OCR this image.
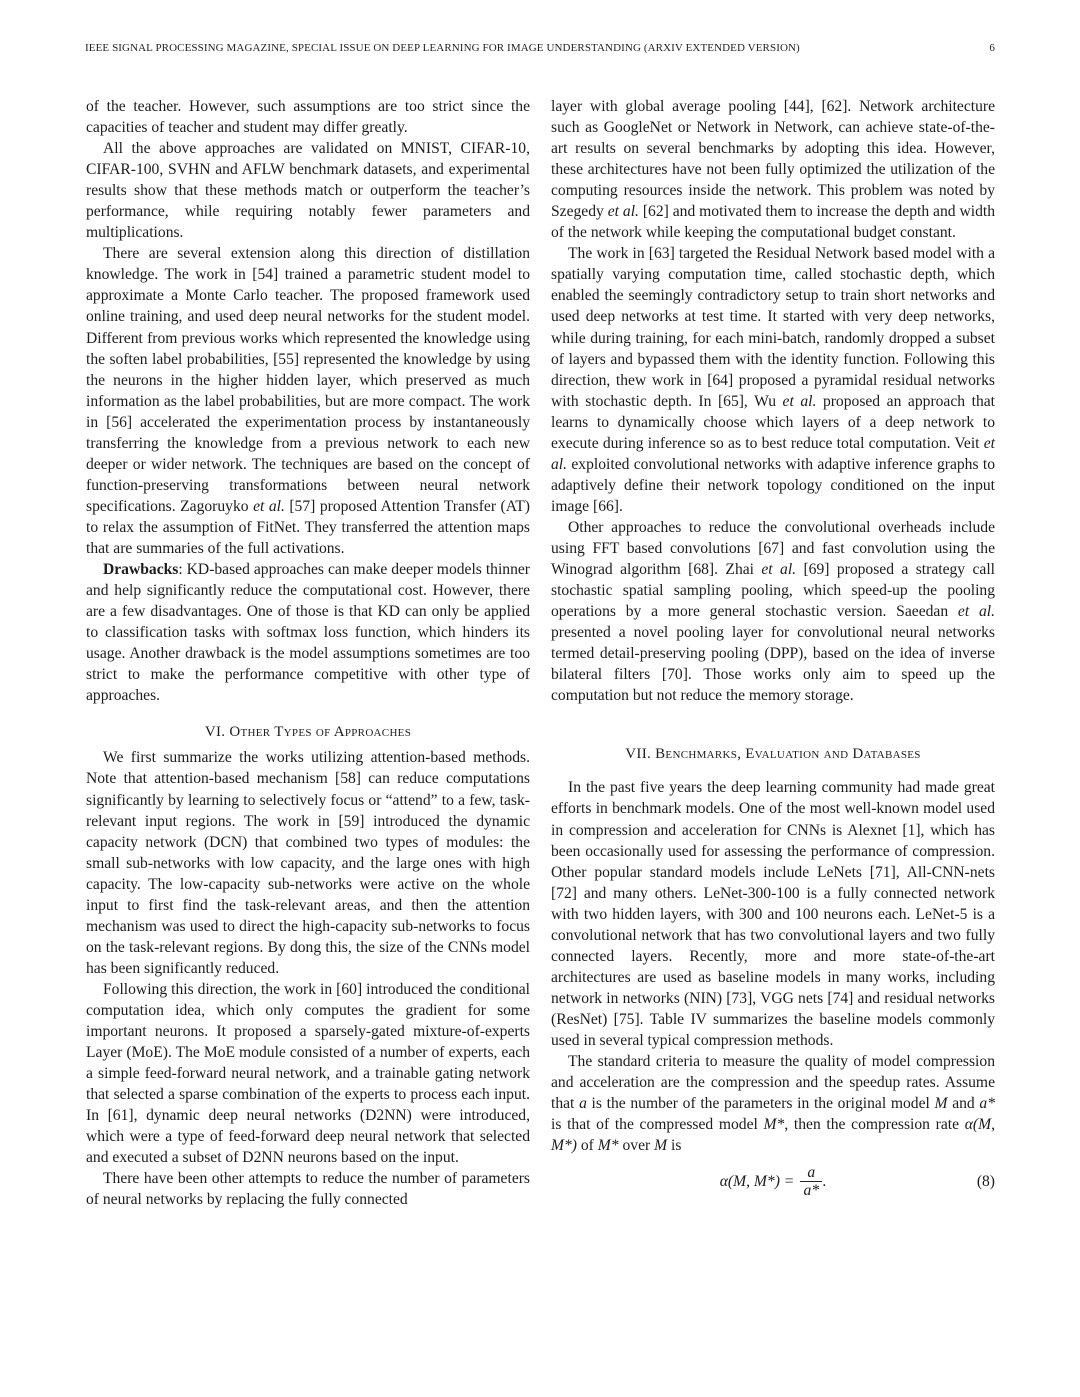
IEEE SIGNAL PROCESSING MAGAZINE, SPECIAL ISSUE ON DEEP LEARNING FOR IMAGE UNDERSTANDING (ARXIV EXTENDED VERSION)	6

of the teacher. However, such assumptions are too strict since the capacities of teacher and student may differ greatly.

All the above approaches are validated on MNIST, CIFAR-10, CIFAR-100, SVHN and AFLW benchmark datasets, and experimental results show that these methods match or outperform the teacher’s performance, while requiring notably fewer parameters and multiplications.

There are several extension along this direction of distillation knowledge. The work in [54] trained a parametric student model to approximate a Monte Carlo teacher. The proposed framework used online training, and used deep neural networks for the student model. Different from previous works which represented the knowledge using the soften label probabilities, [55] represented the knowledge by using the neurons in the higher hidden layer, which preserved as much information as the label probabilities, but are more compact. The work in [56] accelerated the experimentation process by instantaneously transferring the knowledge from a previous network to each new deeper or wider network. The techniques are based on the concept of function-preserving transformations between neural network specifications. Zagoruyko et al. [57] proposed Attention Transfer (AT) to relax the assumption of FitNet. They transferred the attention maps that are summaries of the full activations.

Drawbacks: KD-based approaches can make deeper models thinner and help significantly reduce the computational cost. However, there are a few disadvantages. One of those is that KD can only be applied to classification tasks with softmax loss function, which hinders its usage. Another drawback is the model assumptions sometimes are too strict to make the performance competitive with other type of approaches.

VI. Other Types of Approaches

We first summarize the works utilizing attention-based methods. Note that attention-based mechanism [58] can reduce computations significantly by learning to selectively focus or “attend” to a few, task-relevant input regions. The work in [59] introduced the dynamic capacity network (DCN) that combined two types of modules: the small sub-networks with low capacity, and the large ones with high capacity. The low-capacity sub-networks were active on the whole input to first find the task-relevant areas, and then the attention mechanism was used to direct the high-capacity sub-networks to focus on the task-relevant regions. By dong this, the size of the CNNs model has been significantly reduced.

Following this direction, the work in [60] introduced the conditional computation idea, which only computes the gradient for some important neurons. It proposed a sparsely-gated mixture-of-experts Layer (MoE). The MoE module consisted of a number of experts, each a simple feed-forward neural network, and a trainable gating network that selected a sparse combination of the experts to process each input. In [61], dynamic deep neural networks (D2NN) were introduced, which were a type of feed-forward deep neural network that selected and executed a subset of D2NN neurons based on the input.

There have been other attempts to reduce the number of parameters of neural networks by replacing the fully connected

layer with global average pooling [44], [62]. Network architecture such as GoogleNet or Network in Network, can achieve state-of-the-art results on several benchmarks by adopting this idea. However, these architectures have not been fully optimized the utilization of the computing resources inside the network. This problem was noted by Szegedy et al. [62] and motivated them to increase the depth and width of the network while keeping the computational budget constant.

The work in [63] targeted the Residual Network based model with a spatially varying computation time, called stochastic depth, which enabled the seemingly contradictory setup to train short networks and used deep networks at test time. It started with very deep networks, while during training, for each mini-batch, randomly dropped a subset of layers and bypassed them with the identity function. Following this direction, thew work in [64] proposed a pyramidal residual networks with stochastic depth. In [65], Wu et al. proposed an approach that learns to dynamically choose which layers of a deep network to execute during inference so as to best reduce total computation. Veit et al. exploited convolutional networks with adaptive inference graphs to adaptively define their network topology conditioned on the input image [66].

Other approaches to reduce the convolutional overheads include using FFT based convolutions [67] and fast convolution using the Winograd algorithm [68]. Zhai et al. [69] proposed a strategy call stochastic spatial sampling pooling, which speed-up the pooling operations by a more general stochastic version. Saeedan et al. presented a novel pooling layer for convolutional neural networks termed detail-preserving pooling (DPP), based on the idea of inverse bilateral filters [70]. Those works only aim to speed up the computation but not reduce the memory storage.

VII. Benchmarks, Evaluation and Databases

In the past five years the deep learning community had made great efforts in benchmark models. One of the most well-known model used in compression and acceleration for CNNs is Alexnet [1], which has been occasionally used for assessing the performance of compression. Other popular standard models include LeNets [71], All-CNN-nets [72] and many others. LeNet-300-100 is a fully connected network with two hidden layers, with 300 and 100 neurons each. LeNet-5 is a convolutional network that has two convolutional layers and two fully connected layers. Recently, more and more state-of-the-art architectures are used as baseline models in many works, including network in networks (NIN) [73], VGG nets [74] and residual networks (ResNet) [75]. Table IV summarizes the baseline models commonly used in several typical compression methods.

The standard criteria to measure the quality of model compression and acceleration are the compression and the speedup rates. Assume that a is the number of the parameters in the original model M and a* is that of the compressed model M*, then the compression rate α(M, M*) of M* over M is

α(M, $M*) = \frac{a}{a*}$ .	(8)
